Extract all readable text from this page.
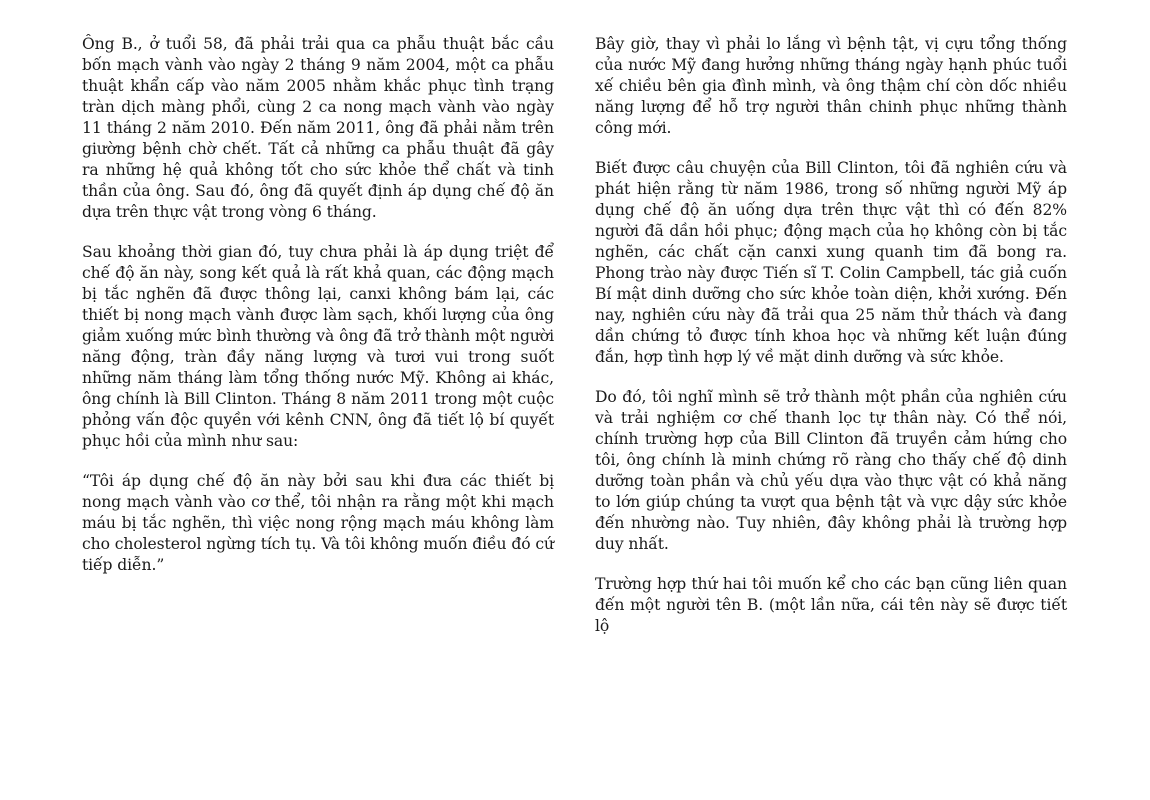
Ông B., ở tuổi 58, đã phải trải qua ca phẫu thuật bắc cầu bốn mạch vành vào ngày 2 tháng 9 năm 2004, một ca phẫu thuật khẩn cấp vào năm 2005 nhằm khắc phục tình trạng tràn dịch màng phổi, cùng 2 ca nong mạch vành vào ngày 11 tháng 2 năm 2010. Đến năm 2011, ông đã phải nằm trên giường bệnh chờ chết. Tất cả những ca phẫu thuật đã gây ra những hệ quả không tốt cho sức khỏe thể chất và tinh thần của ông. Sau đó, ông đã quyết định áp dụng chế độ ăn dựa trên thực vật trong vòng 6 tháng.

Sau khoảng thời gian đó, tuy chưa phải là áp dụng triệt để chế độ ăn này, song kết quả là rất khả quan, các động mạch bị tắc nghẽn đã được thông lại, canxi không bám lại, các thiết bị nong mạch vành được làm sạch, khối lượng của ông giảm xuống mức bình thường và ông đã trở thành một người năng động, tràn đầy năng lượng và tươi vui trong suốt những năm tháng làm tổng thống nước Mỹ. Không ai khác, ông chính là Bill Clinton. Tháng 8 năm 2011 trong một cuộc phỏng vấn độc quyền với kênh CNN, ông đã tiết lộ bí quyết phục hồi của mình như sau:

“Tôi áp dụng chế độ ăn này bởi sau khi đưa các thiết bị nong mạch vành vào cơ thể, tôi nhận ra rằng một khi mạch máu bị tắc nghẽn, thì việc nong rộng mạch máu không làm cho cholesterol ngừng tích tụ. Và tôi không muốn điều đó cứ tiếp diễn.”

Bây giờ, thay vì phải lo lắng vì bệnh tật, vị cựu tổng thống của nước Mỹ đang hưởng những tháng ngày hạnh phúc tuổi xế chiều bên gia đình mình, và ông thậm chí còn dốc nhiều năng lượng để hỗ trợ người thân chinh phục những thành công mới.

Biết được câu chuyện của Bill Clinton, tôi đã nghiên cứu và phát hiện rằng từ năm 1986, trong số những người Mỹ áp dụng chế độ ăn uống dựa trên thực vật thì có đến 82% người đã dần hồi phục; động mạch của họ không còn bị tắc nghẽn, các chất cặn canxi xung quanh tim đã bong ra. Phong trào này được Tiến sĩ T. Colin Campbell, tác giả cuốn Bí mật dinh dưỡng cho sức khỏe toàn diện, khởi xướng. Đến nay, nghiên cứu này đã trải qua 25 năm thử thách và đang dần chứng tỏ được tính khoa học và những kết luận đúng đắn, hợp tình hợp lý về mặt dinh dưỡng và sức khỏe.

Do đó, tôi nghĩ mình sẽ trở thành một phần của nghiên cứu và trải nghiệm cơ chế thanh lọc tự thân này. Có thể nói, chính trường hợp của Bill Clinton đã truyền cảm hứng cho tôi, ông chính là minh chứng rõ ràng cho thấy chế độ dinh dưỡng toàn phần và chủ yếu dựa vào thực vật có khả năng to lớn giúp chúng ta vượt qua bệnh tật và vực dậy sức khỏe đến nhường nào. Tuy nhiên, đây không phải là trường hợp duy nhất.

Trường hợp thứ hai tôi muốn kể cho các bạn cũng liên quan đến một người tên B. (một lần nữa, cái tên này sẽ được tiết lộ
